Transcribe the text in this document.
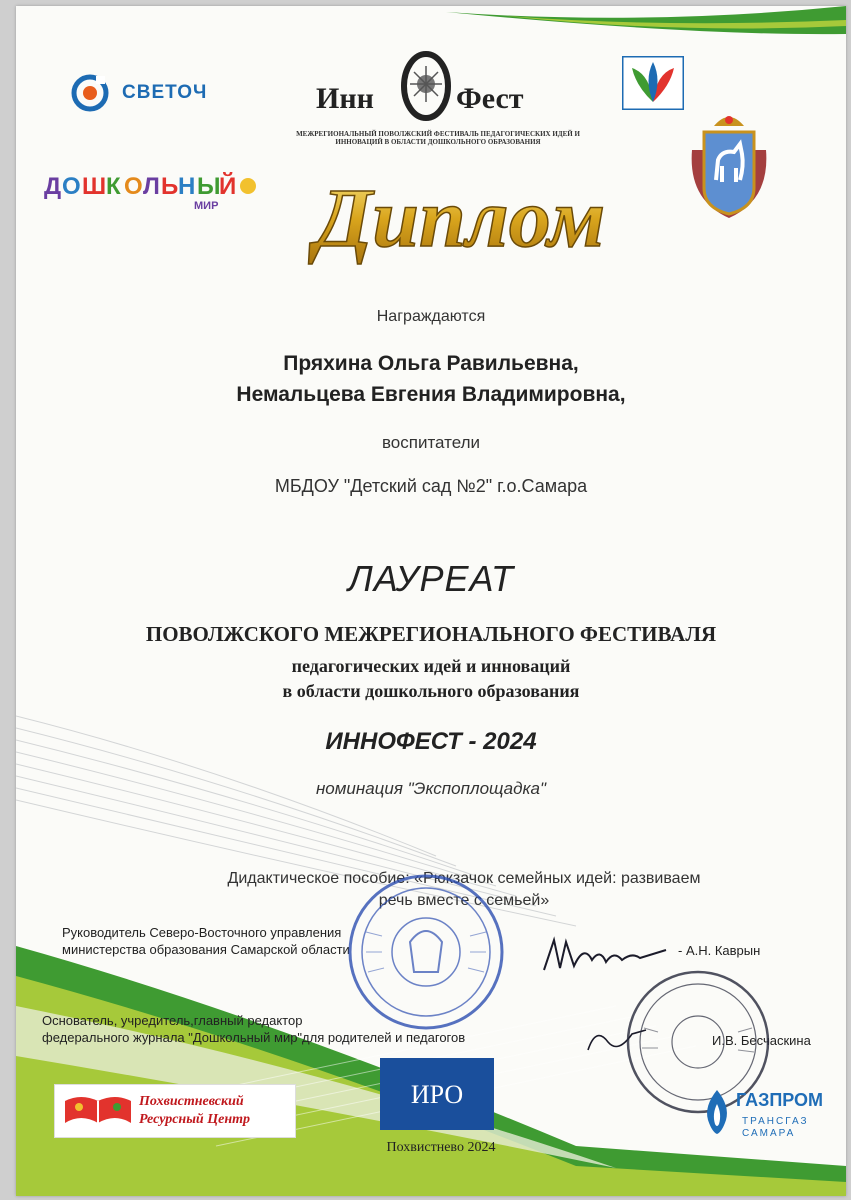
СВЕТОЧ	Инн	Фест
МЕЖРЕГИОНАЛЬНЫЙ ПОВОЛЖСКИЙ ФЕСТИВАЛЬ ПЕДАГОГИЧЕСКИХ ИДЕЙ И ИННОВАЦИЙ В ОБЛАСТИ ДОШКОЛЬНОГО ОБРАЗОВАНИЯ
Д О Ш К О Л Ь Н Ы
Й
МИР Диплом
Награждаются
Пряхина Ольга Равильевна,
Немальцева Евгения Владимировна,
воспитатели
МБДОУ "Детский сад №2" г.о.Самара
ЛАУРЕАТ
ПОВОЛЖСКОГО МЕЖРЕГИОНАЛЬНОГО ФЕСТИВАЛЯ
педагогических идей и инноваций
в области дошкольного образования
ИННОФЕСТ - 2024
номинация "Экспоплощадка"
Дидактическое пособие: «Рюкзачок семейных идей: развиваем
речь вместе с семьей»
Руководитель Северо-Восточного управления
министерства образования Самарской области	- А.Н. Каврын
Основатель, учредитель,главный редактор
федерального журнала "Дошкольный мир"для родителей и педагогов	И.В. Бесчаскина
Похвистневский
Ресурсный Центр
ИРО
Похвистнево 2024
ГАЗПРОМ
ТРАНСГАЗ
САМАРА
